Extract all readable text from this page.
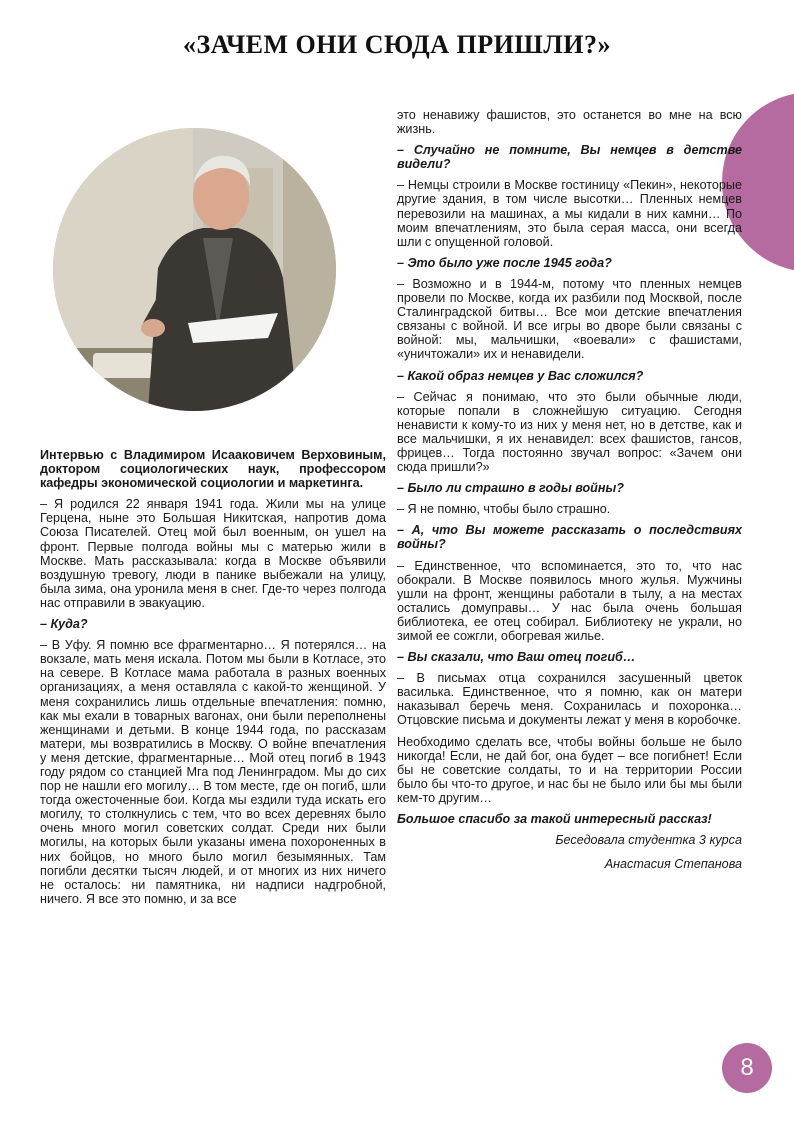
«ЗАЧЕМ ОНИ СЮДА ПРИШЛИ?»

Интервью с Владимиром Исааковичем Верховиным, доктором социологических наук, профессором кафедры экономической социологии и маркетинга.

– Я родился 22 января 1941 года. Жили мы на улице Герцена, ныне это Большая Никитская, напротив дома Союза Писателей. Отец мой был военным, он ушел на фронт. Первые полгода войны мы с матерью жили в Москве. Мать рассказывала: когда в Москве объявили воздушную тревогу, люди в панике выбежали на улицу, была зима, она уронила меня в снег. Где-то через полгода нас отправили в эвакуацию.

– Куда?

– В Уфу. Я помню все фрагментарно… Я потерялся… на вокзале, мать меня искала. Потом мы были в Котласе, это на севере. В Котласе мама работала в разных военных организациях, а меня оставляла с какой-то женщиной. У меня сохранились лишь отдельные впечатления: помню, как мы ехали в товарных вагонах, они были переполнены женщинами и детьми. В конце 1944 года, по рассказам матери, мы возвратились в Москву. О войне впечатления у меня детские, фрагментарные… Мой отец погиб в 1943 году рядом со станцией Мга под Ленинградом. Мы до сих пор не нашли его могилу… В том месте, где он погиб, шли тогда ожесточенные бои. Когда мы ездили туда искать его могилу, то столкнулись с тем, что во всех деревнях было очень много могил советских солдат. Среди них были могилы, на которых были указаны имена похороненных в них бойцов, но много было могил безымянных. Там погибли десятки тысяч людей, и от многих из них ничего не осталось: ни памятника, ни надписи надгробной, ничего. Я все это помню, и за все

это ненавижу фашистов, это останется во мне на всю жизнь.

– Случайно не помните, Вы немцев в детстве видели?

– Немцы строили в Москве гостиницу «Пекин», некоторые другие здания, в том числе высотки… Пленных немцев перевозили на машинах, а мы кидали в них камни… По моим впечатлениям, это была серая масса, они всегда шли с опущенной головой.

– Это было уже после 1945 года?

– Возможно и в 1944-м, потому что пленных немцев провели по Москве, когда их разбили под Москвой, после Сталинградской битвы… Все мои детские впечатления связаны с войной. И все игры во дворе были связаны с войной: мы, мальчишки, «воевали» с фашистами, «уничтожали» их и ненавидели.

– Какой образ немцев у Вас сложился?

– Сейчас я понимаю, что это были обычные люди, которые попали в сложнейшую ситуацию. Сегодня ненависти к кому-то из них у меня нет, но в детстве, как и все мальчишки, я их ненавидел: всех фашистов, гансов, фрицев… Тогда постоянно звучал вопрос: «Зачем они сюда пришли?»

– Было ли страшно в годы войны?

– Я не помню, чтобы было страшно.

– А, что Вы можете рассказать о последствиях войны?

– Единственное, что вспоминается, это то, что нас обокрали. В Москве появилось много жулья. Мужчины ушли на фронт, женщины работали в тылу, а на местах остались домуправы… У нас была очень большая библиотека, ее отец собирал. Библиотеку не украли, но зимой ее сожгли, обогревая жилье.

– Вы сказали, что Ваш отец погиб…

– В письмах отца сохранился засушенный цветок василька. Единственное, что я помню, как он матери наказывал беречь меня. Сохранилась и похоронка… Отцовские письма и документы лежат у меня в коробочке.

Необходимо сделать все, чтобы войны больше не было никогда! Если, не дай бог, она будет – все погибнет! Если бы не советские солдаты, то и на территории России было бы что-то другое, и нас бы не было или бы мы были кем-то другим…

Большое спасибо за такой интересный рассказ!

Беседовала студентка 3 курса
Анастасия Степанова
8
